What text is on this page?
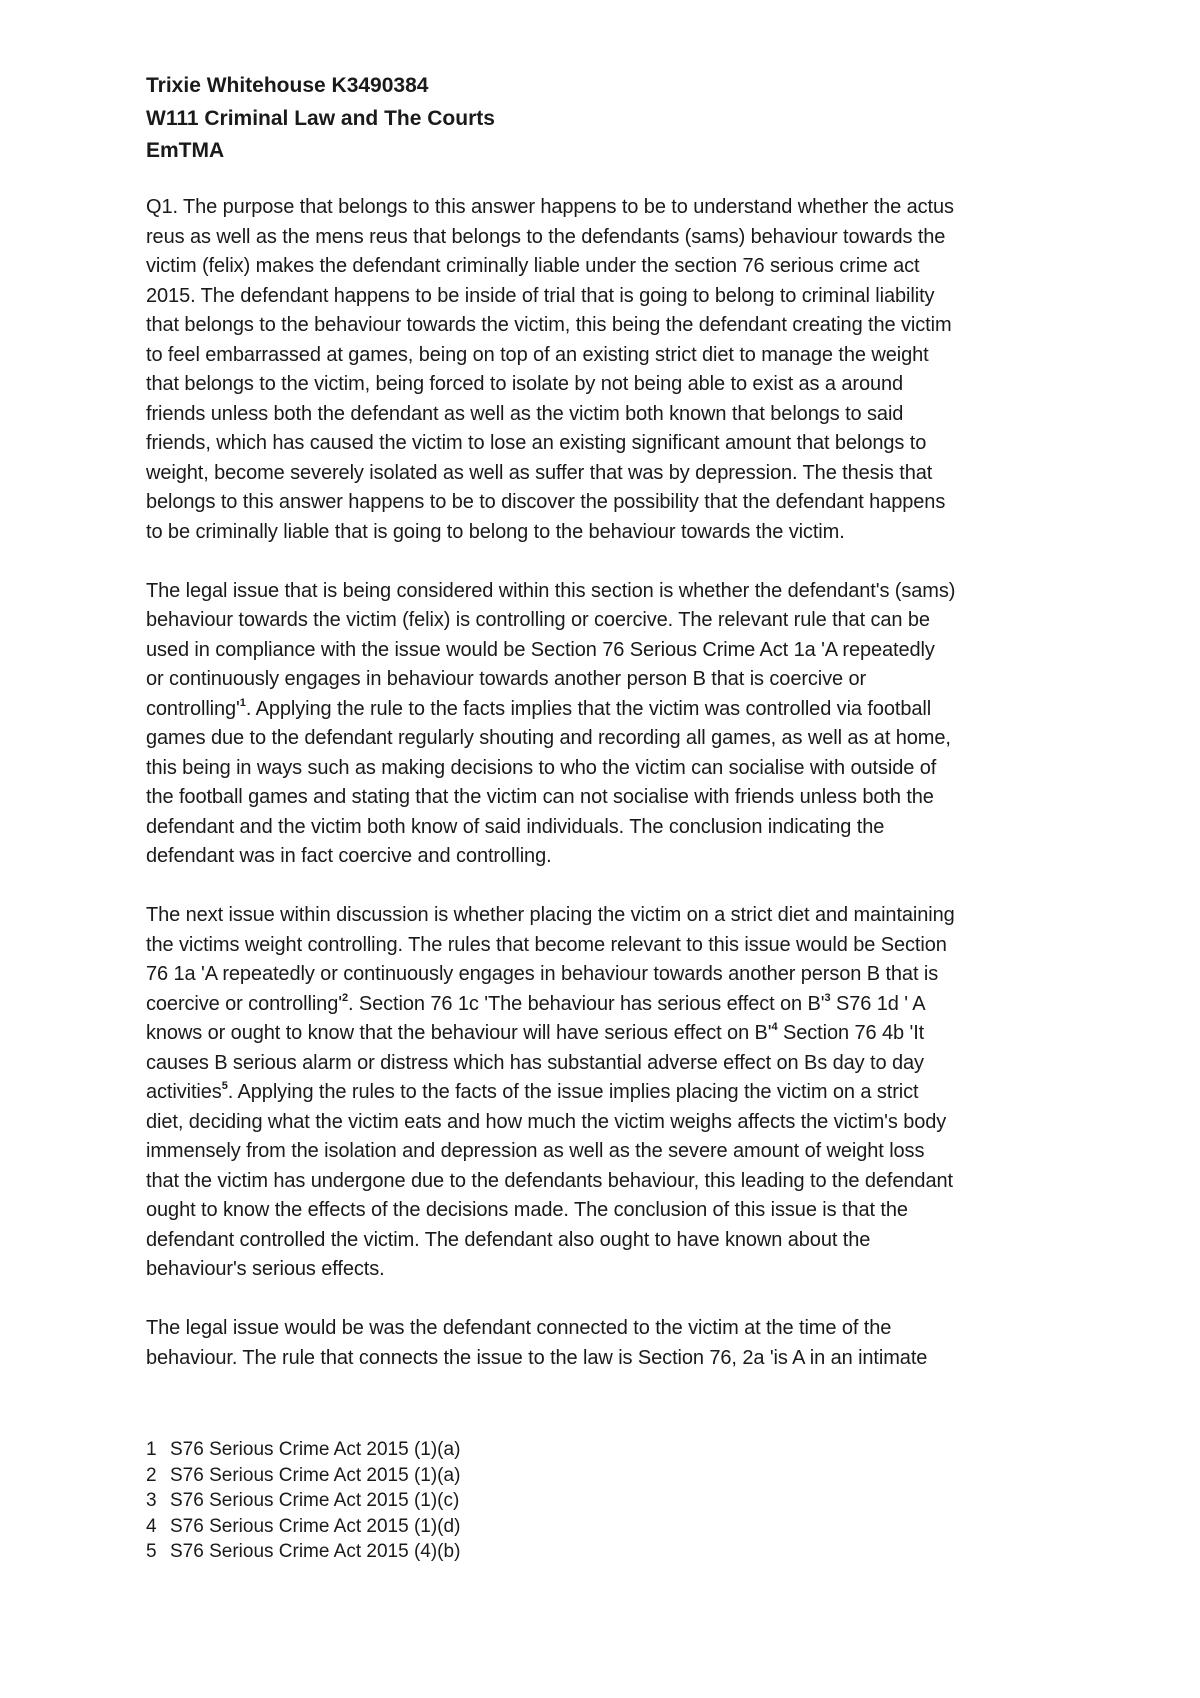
Trixie Whitehouse K3490384
W111 Criminal Law and The Courts
EmTMA
Q1. The purpose that belongs to this answer happens to be to understand whether the actus
reus as well as the mens reus that belongs to the defendants (sams) behaviour towards the
victim (felix) makes the defendant criminally liable under the section 76 serious crime act
2015. The defendant happens to be inside of trial that is going to belong to criminal liability
that belongs to the behaviour towards the victim, this being the defendant creating the victim
to feel embarrassed at games, being on top of an existing strict diet to manage the weight
that belongs to the victim, being forced to isolate by not being able to exist as a around
friends unless both the defendant as well as the victim both known that belongs to said
friends, which has caused the victim to lose an existing significant amount that belongs to
weight, become severely isolated as well as suffer that was by depression. The thesis that
belongs to this answer happens to be to discover the possibility that the defendant happens
to be criminally liable that is going to belong to the behaviour towards the victim.
The legal issue that is being considered within this section is whether the defendant's (sams)
behaviour towards the victim (felix) is controlling or coercive. The relevant rule that can be
used in compliance with the issue would be Section 76 Serious Crime Act 1a 'A repeatedly
or continuously engages in behaviour towards another person B that is coercive or
$controlling'^1$. Applying the rule to the facts implies that the victim was controlled via football
games due to the defendant regularly shouting and recording all games, as well as at home,
this being in ways such as making decisions to who the victim can socialise with outside of
the football games and stating that the victim can not socialise with friends unless both the
defendant and the victim both know of said individuals. The conclusion indicating the
defendant was in fact coercive and controlling.
The next issue within discussion is whether placing the victim on a strict diet and maintaining
the victims weight controlling. The rules that become relevant to this issue would be Section
76 1a 'A repeatedly or continuously engages in behaviour towards another person B that is
coercive or $controlling'^2$. Section 76 1c 'The behaviour has serious effect on $B'^3$ S76 1d ' A
knows or ought to know that the behaviour will have serious effect on $B'^4$ Section 76 4b 'It
causes B serious alarm or distress which has substantial adverse effect on Bs day to day
activities$^5$. Applying the rules to the facts of the issue implies placing the victim on a strict
diet, deciding what the victim eats and how much the victim weighs affects the victim's body
immensely from the isolation and depression as well as the severe amount of weight loss
that the victim has undergone due to the defendants behaviour, this leading to the defendant
ought to know the effects of the decisions made. The conclusion of this issue is that the
defendant controlled the victim. The defendant also ought to have known about the
behaviour's serious effects.
The legal issue would be was the defendant connected to the victim at the time of the
behaviour. The rule that connects the issue to the law is Section 76, 2a 'is A in an intimate
1 S76 Serious Crime Act 2015 (1)(a)
2 S76 Serious Crime Act 2015 (1)(a)
3 S76 Serious Crime Act 2015 (1)(c)
4 S76 Serious Crime Act 2015 (1)(d)
5 S76 Serious Crime Act 2015 (4)(b)
